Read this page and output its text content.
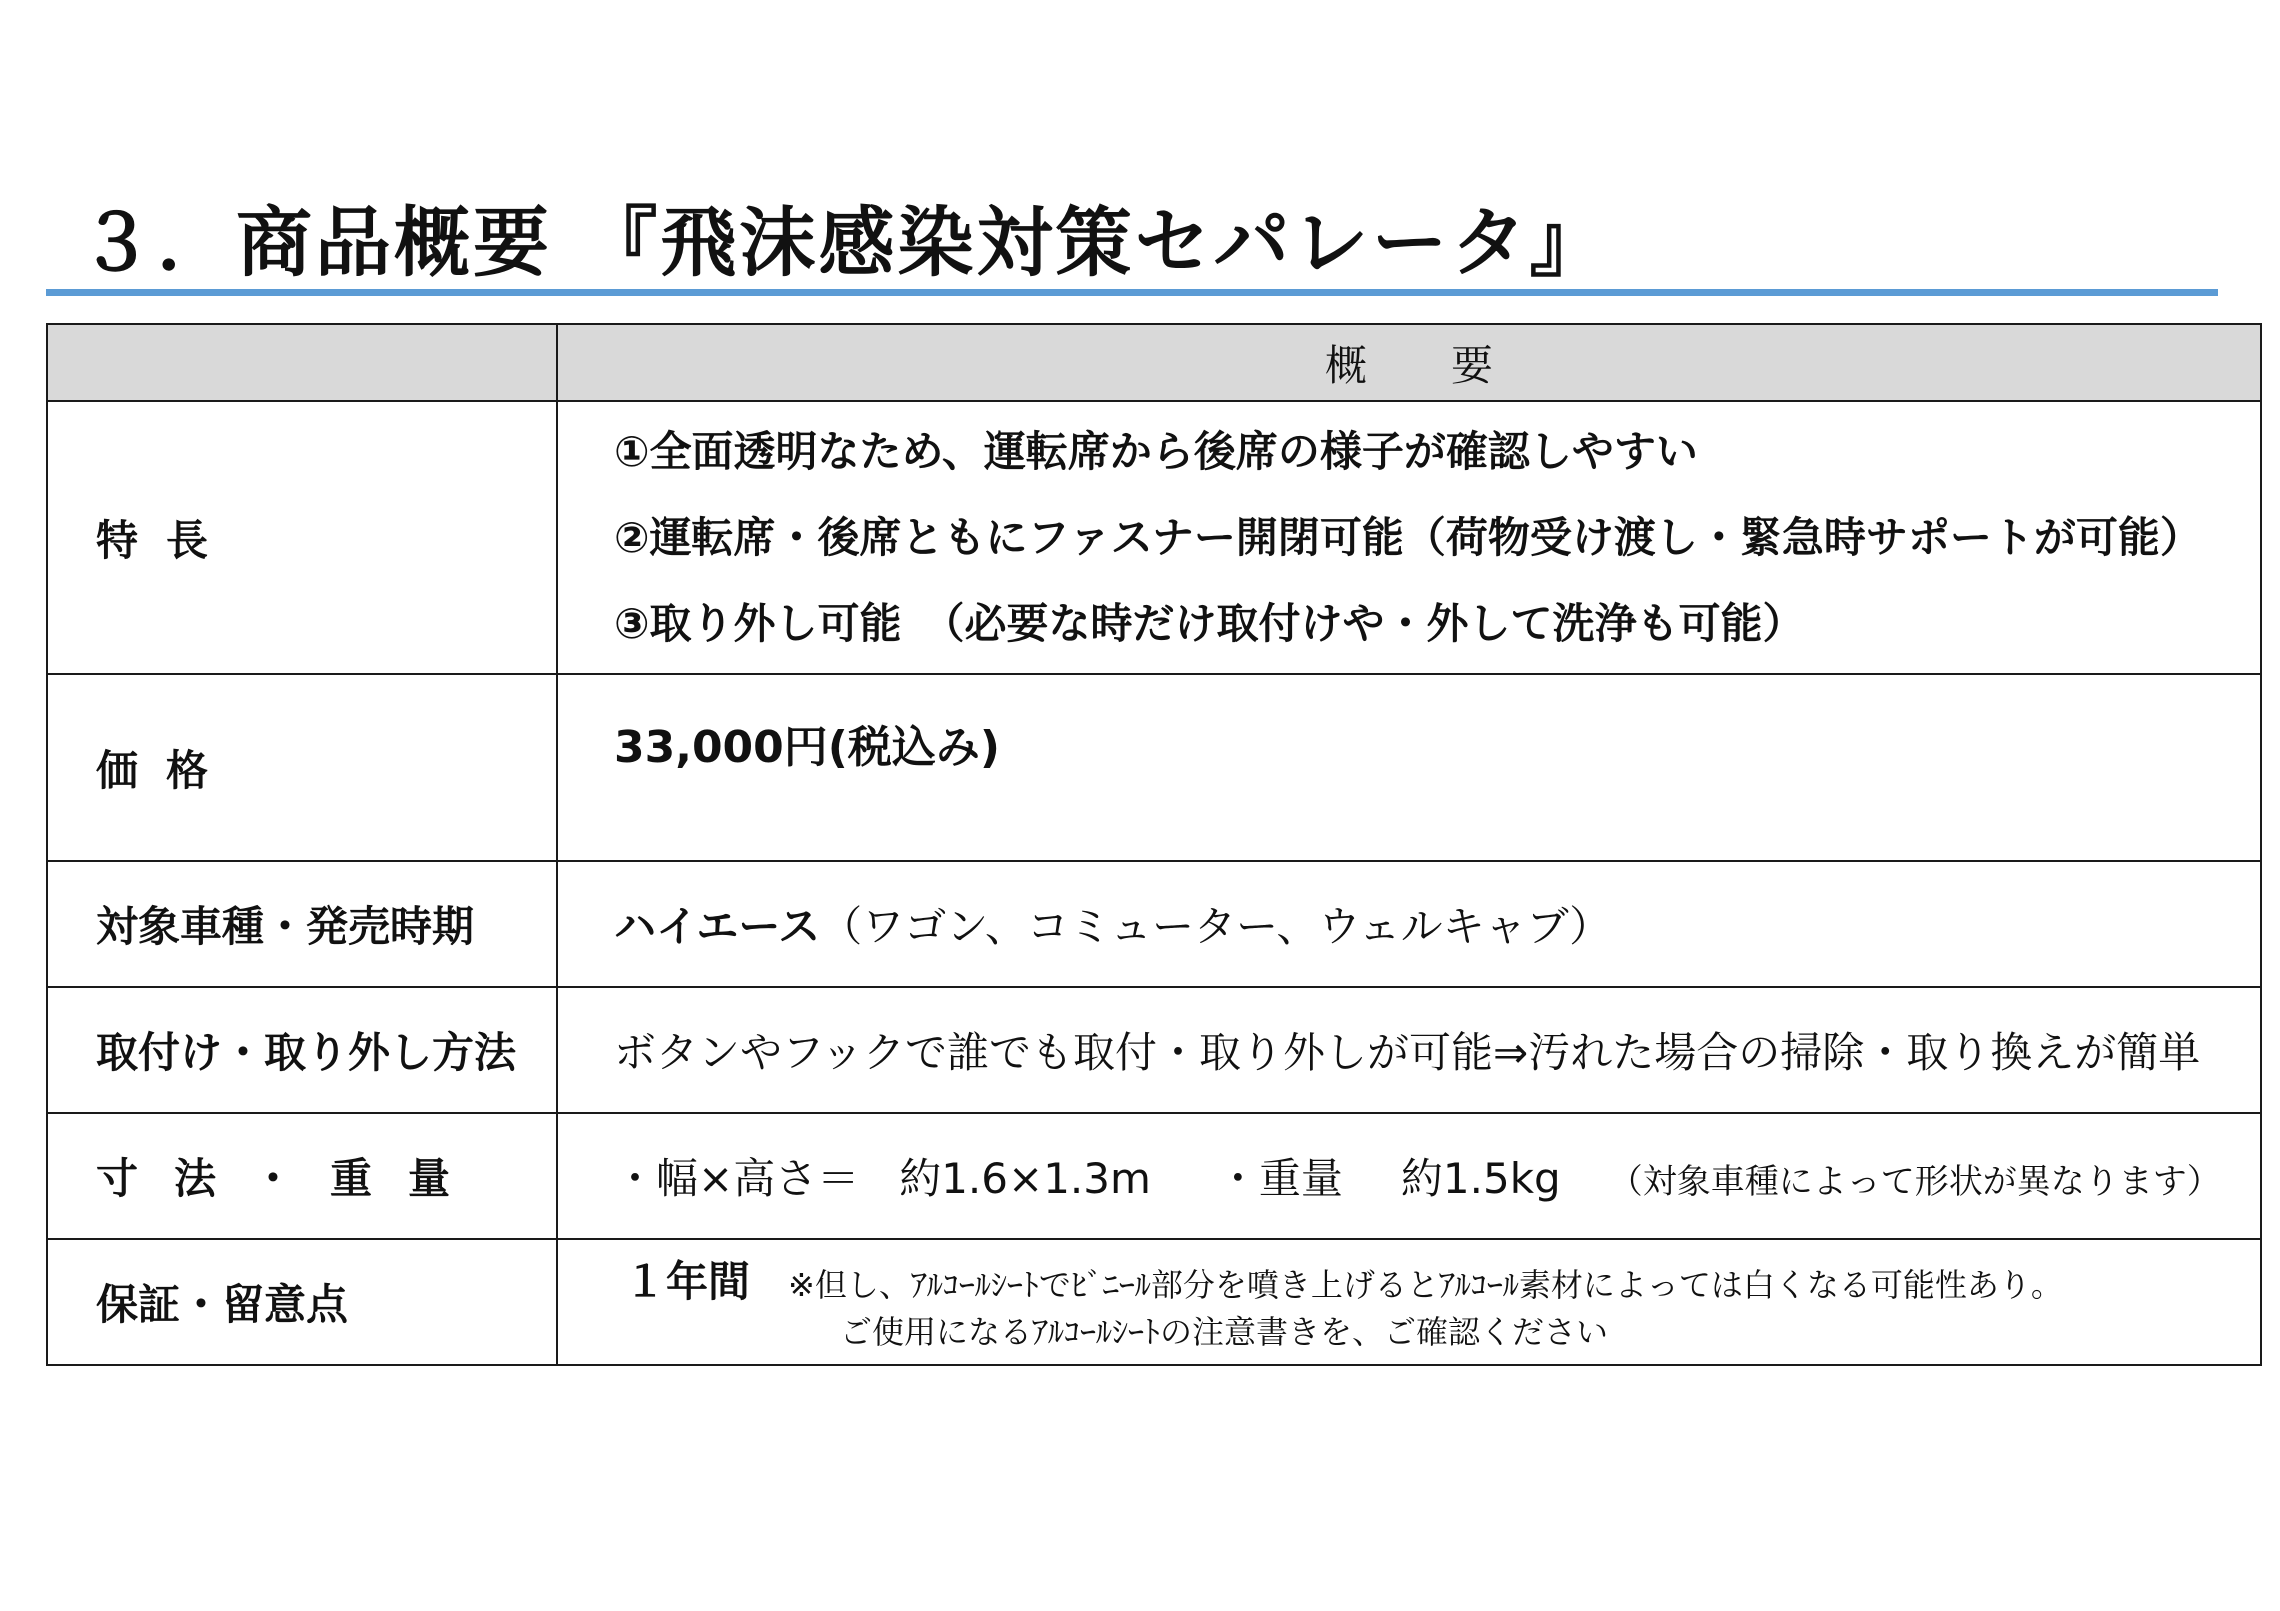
３．商品概要 『飛沫感染対策セパレータ』
	概　　要
特長	①全面透明なため、運転席から後席の様子が確認しやすい
②運転席・後席ともにファスナー開閉可能（荷物受け渡し・緊急時サポートが可能）
③取り外し可能　（必要な時だけ取付けや・外して洗浄も可能）

価格	33,000円(税込み)
対象車種・発売時期	ハイエース（ワゴン、コミューター、ウェルキャブ）
取付け・取り外し方法	ボタンやフックで誰でも取付・取り外しが可能⇒汚れた場合の掃除・取り換えが簡単
寸法・重量	・幅×高さ＝ 約1.6×1.3m ・重量 約1.5kg （対象車種によって形状が異なります）
保証・留意点	１年間 ※但し、ｱﾙｺｰﾙｼｰﾄでﾋﾞﾆｰﾙ部分を噴き上げるとｱﾙｺｰﾙ素材によっては白くなる可能性あり。
ご使用になるｱﾙｺｰﾙｼｰﾄの注意書きを、ご確認ください
